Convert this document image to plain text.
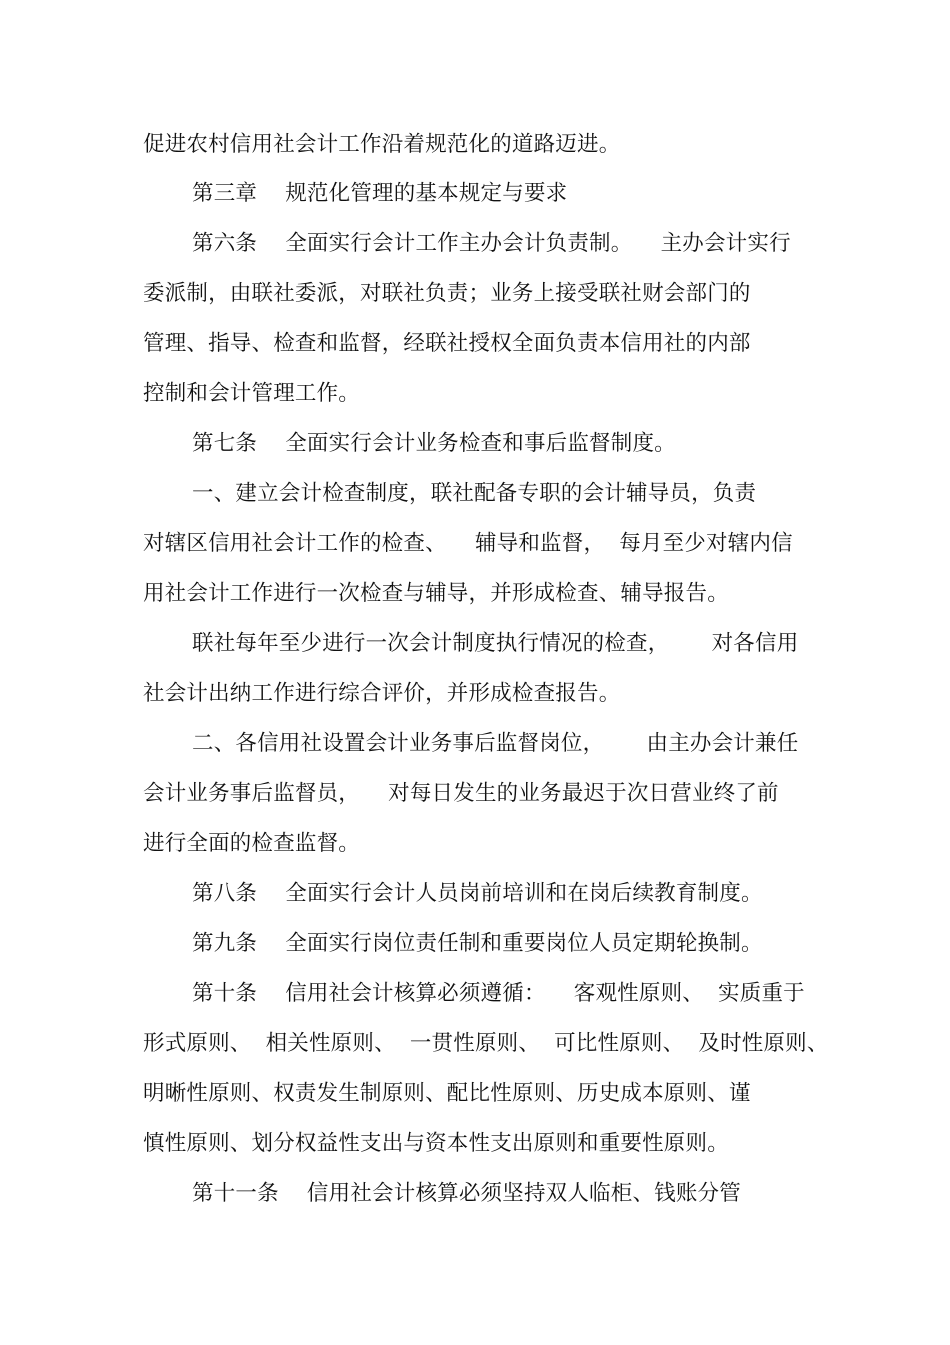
促进农村信用社会计工作沿着规范化的道路迈进。
第三章    规范化管理的基本规定与要求
第六条    全面实行会计工作主办会计负责制。    主办会计实行
委派制，由联社委派，对联社负责；业务上接受联社财会部门的
管理、指导、检查和监督，经联社授权全面负责本信用社的内部
控制和会计管理工作。
第七条    全面实行会计业务检查和事后监督制度。
一、建立会计检查制度，联社配备专职的会计辅导员，负责
对辖区信用社会计工作的检查、    辅导和监督，  每月至少对辖内信
用社会计工作进行一次检查与辅导，并形成检查、辅导报告。
联社每年至少进行一次会计制度执行情况的检查，      对各信用
社会计出纳工作进行综合评价，并形成检查报告。
二、各信用社设置会计业务事后监督岗位，      由主办会计兼任
会计业务事后监督员，    对每日发生的业务最迟于次日营业终了前
进行全面的检查监督。
第八条    全面实行会计人员岗前培训和在岗后续教育制度。
第九条    全面实行岗位责任制和重要岗位人员定期轮换制。
第十条    信用社会计核算必须遵循：    客观性原则、  实质重于
形式原则、  相关性原则、  一贯性原则、  可比性原则、  及时性原则、
明晰性原则、权责发生制原则、配比性原则、历史成本原则、谨
慎性原则、划分权益性支出与资本性支出原则和重要性原则。
第十一条    信用社会计核算必须坚持双人临柜、钱账分管
